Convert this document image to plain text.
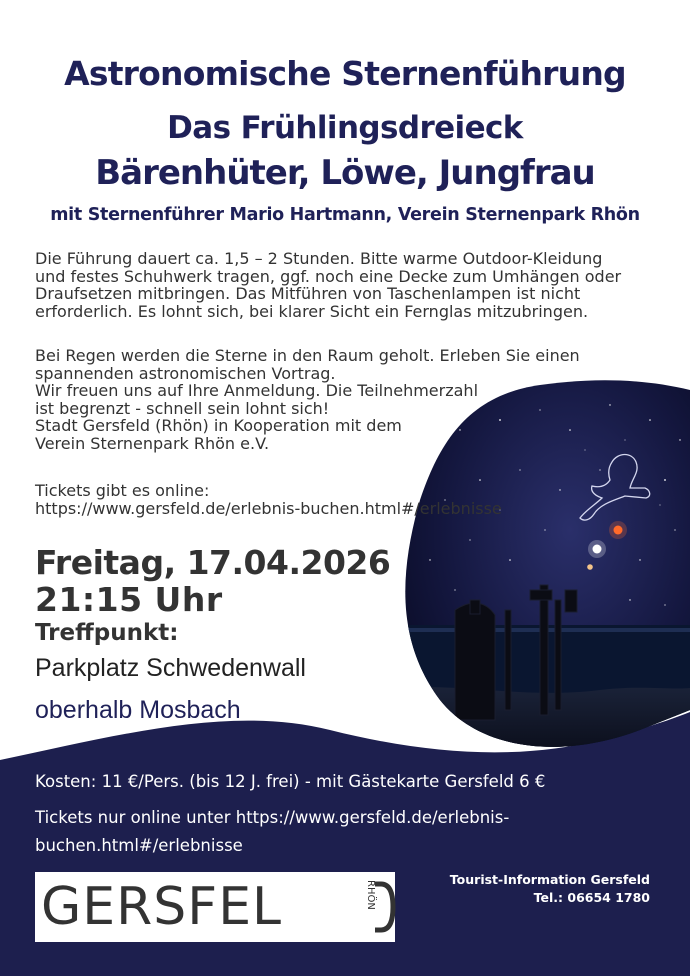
Astronomische Sternenführung
Das Frühlingsdreieck
Bärenhüter, Löwe, Jungfrau
mit Sternenführer Mario Hartmann, Verein Sternenpark Rhön
Die Führung dauert ca. 1,5 – 2 Stunden. Bitte warme Outdoor-Kleidung
und festes Schuhwerk tragen, ggf. noch eine Decke zum Umhängen oder
Draufsetzen mitbringen. Das Mitführen von Taschenlampen ist nicht
erforderlich. Es lohnt sich, bei klarer Sicht ein Fernglas mitzubringen.
Bei Regen werden die Sterne in den Raum geholt. Erleben Sie einen
spannenden astronomischen Vortrag.
Wir freuen uns auf Ihre Anmeldung. Die Teilnehmerzahl
ist begrenzt - schnell sein lohnt sich!
Stadt Gersfeld (Rhön) in Kooperation mit dem
Verein Sternenpark Rhön e.V.
Tickets gibt es online:
https://www.gersfeld.de/erlebnis-buchen.html#/erlebnisse
Freitag, 17.04.2026
21:15 Uhr
Treffpunkt:
Parkplatz Schwedenwall
oberhalb Mosbach
Kosten: 11 €/Pers. (bis 12 J. frei) - mit Gästekarte Gersfeld 6 €
Tickets nur online unter https://www.gersfeld.de/erlebnis-
buchen.html#/erlebnisse
GERSFEL	RHÖN
Tourist-Information Gersfeld
Tel.: 06654 1780
